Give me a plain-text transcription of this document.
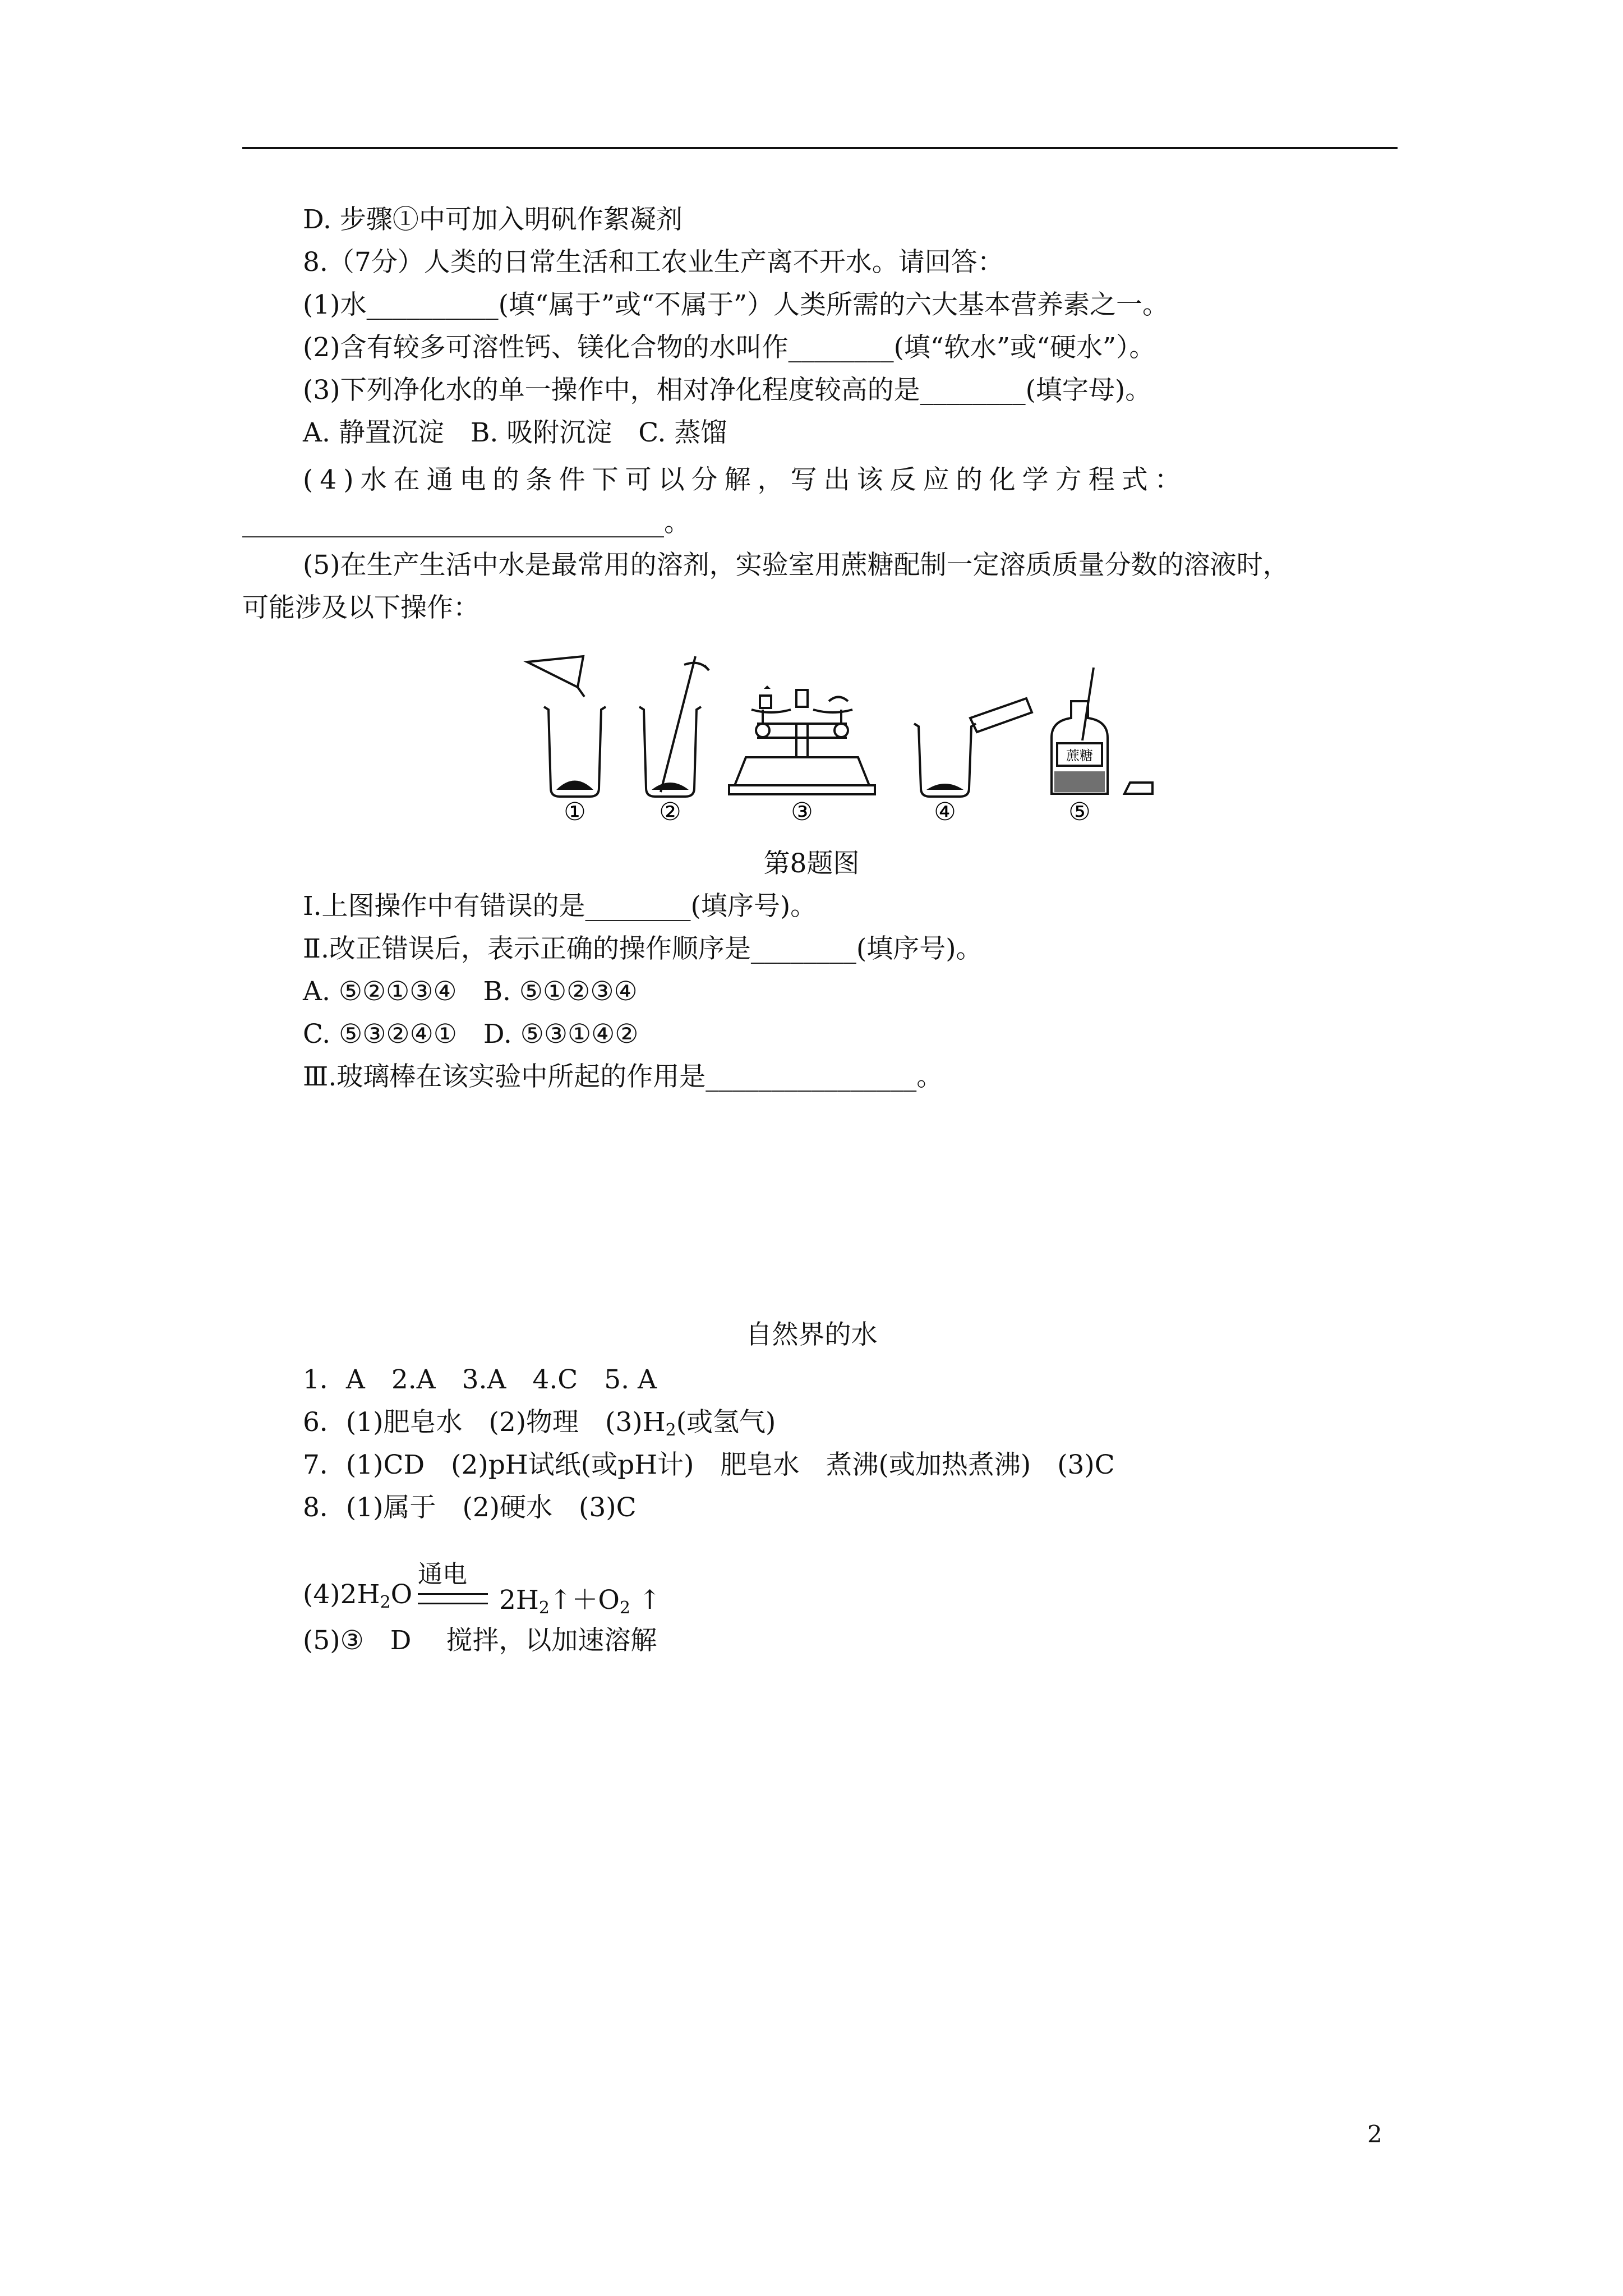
D. 步骤①中可加入明矾作絮凝剂
8.（7分）人类的日常生活和工农业生产离不开水。请回答：
(1)水__________(填“属于”或“不属于”）人类所需的六大基本营养素之一。
(2)含有较多可溶性钙、镁化合物的水叫作________(填“软水”或“硬水”）。
(3)下列净化水的单一操作中，相对净化程度较高的是________(填字母)。
A. 静置沉淀　B. 吸附沉淀　C. 蒸馏
(4)水在通电的条件下可以分解，写出该反应的化学方程式：
________________________________。
(5)在生产生活中水是最常用的溶剂，实验室用蔗糖配制一定溶质质量分数的溶液时，
可能涉及以下操作：
蔗糖
①	②	③	④	⑤
第8题图
Ⅰ.上图操作中有错误的是________(填序号)。
Ⅱ.改正错误后，表示正确的操作顺序是________(填序号)。
A. ⑤②①③④　B. ⑤①②③④
C. ⑤③②④①　D. ⑤③①④②
Ⅲ.玻璃棒在该实验中所起的作用是________________。
自然界的水
1．A　2.A　3.A　4.C　5. A
6．(1)肥皂水　(2)物理　$(3)H_2$(或氢气)
7．(1)CD　(2)pH试纸(或pH计)　肥皂水　煮沸(或加热煮沸)　(3)C
8．(1)属于　(2)硬水　(3)C
$(4)2H_2O$
通电
$2H_2↑+O_2$ ↑
(5)③　D　 搅拌，以加速溶解
2
